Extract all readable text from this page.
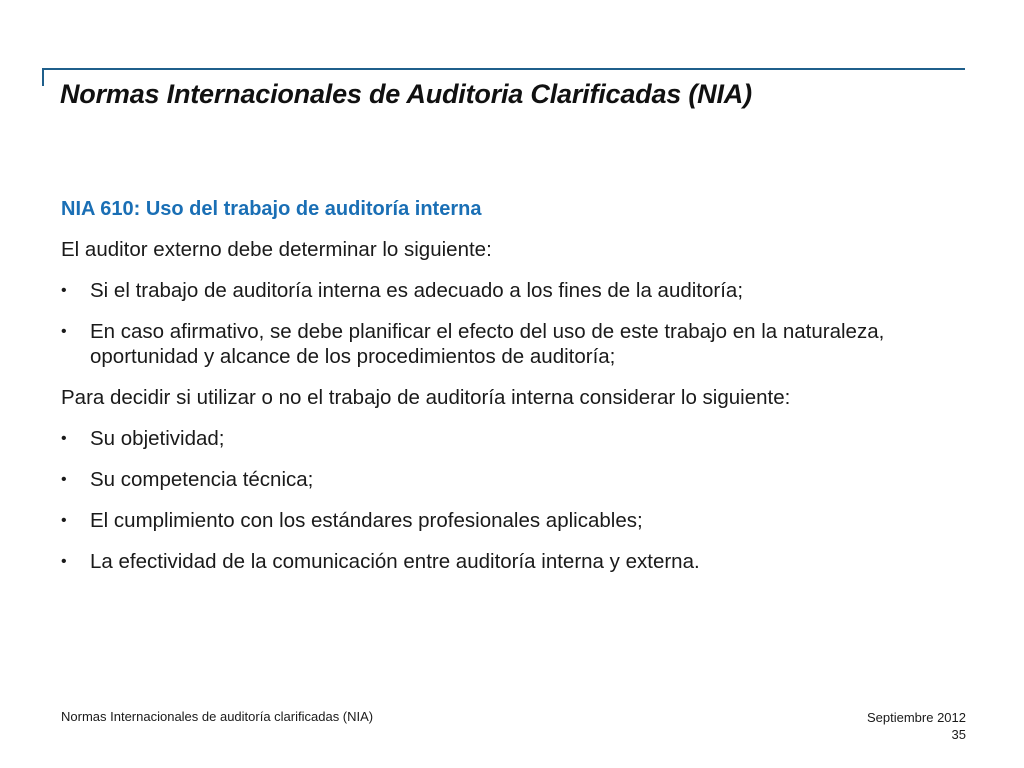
Normas Internacionales de Auditoria Clarificadas (NIA)
NIA 610: Uso del trabajo de auditoría interna
El auditor externo debe determinar lo siguiente:
• Si el trabajo de auditoría interna es adecuado a los fines de la auditoría;
• En caso afirmativo, se debe planificar el efecto del uso de este trabajo en la naturaleza, oportunidad y alcance de los procedimientos de auditoría;
Para decidir si utilizar o no el trabajo de auditoría interna considerar lo siguiente:
• Su objetividad;
• Su competencia técnica;
• El cumplimiento con los estándares profesionales aplicables;
• La efectividad de la comunicación entre auditoría interna y externa.
Normas Internacionales de auditoría clarificadas (NIA)	Septiembre 2012
35
